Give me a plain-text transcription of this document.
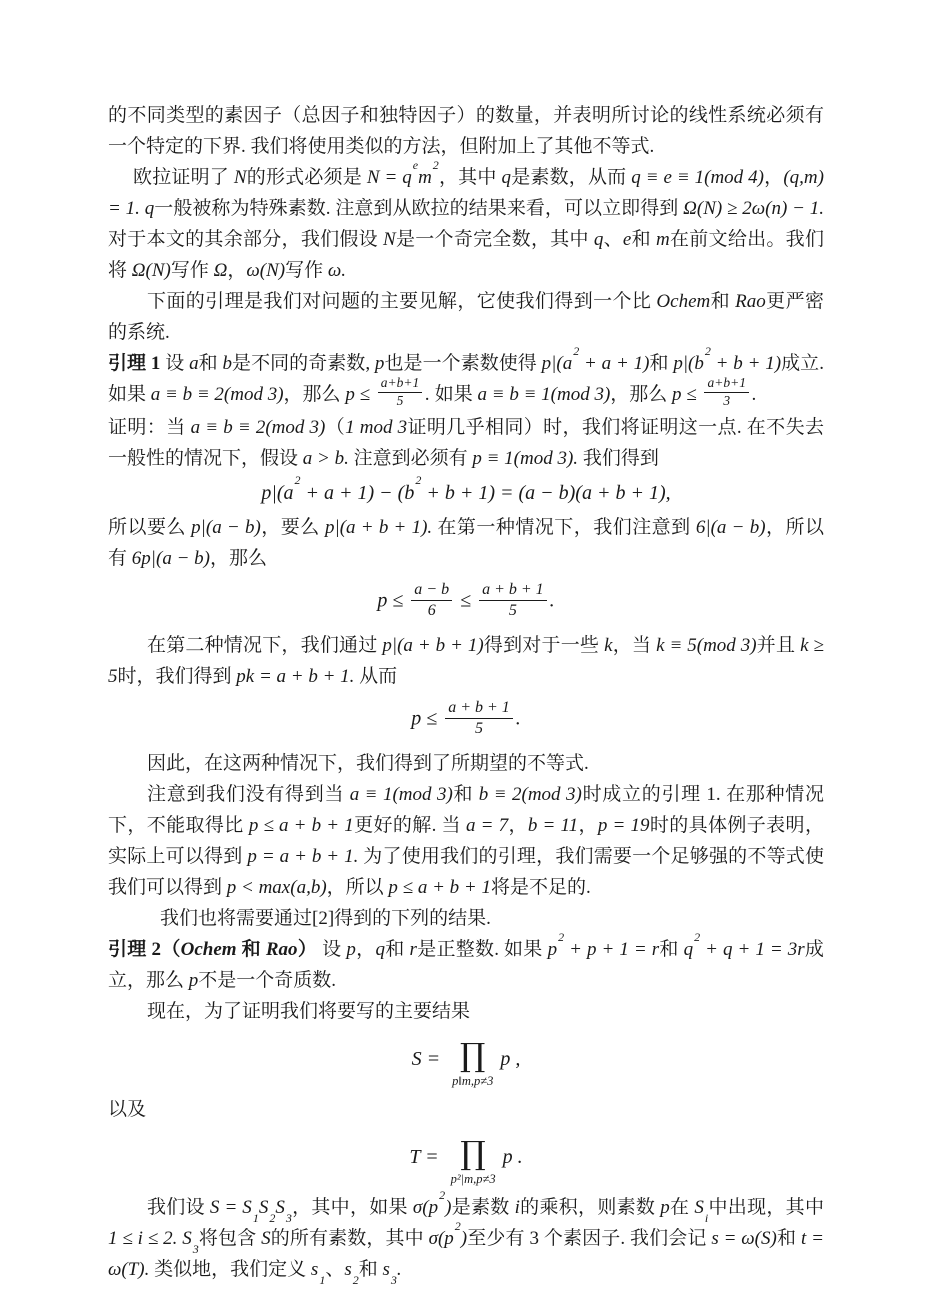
的不同类型的素因子（总因子和独特因子）的数量，并表明所讨论的线性系统必须有一个特定的下界. 我们将使用类似的方法，但附加上了其他不等式.

欧拉证明了 N的形式必须是 $N = q^em^2$，其中 q是素数，从而 q ≡ e ≡ 1(mod 4)，(q,m) = 1. q一般被称为特殊素数. 注意到从欧拉的结果来看，可以立即得到 Ω(N) ≥ 2ω(n) − 1. 对于本文的其余部分，我们假设 N是一个奇完全数，其中 q、e和 m在前文给出。我们将 Ω(N)写作 Ω，ω(N)写作 ω.

下面的引理是我们对问题的主要见解，它使我们得到一个比 Ochem和 Rao更严密的系统.

引理 1 设 a和 b是不同的奇素数, p也是一个素数使得 $p|(a^2 + a + 1)$和 $p|(b^2 + b + 1)$成立. 如果 a ≡ b ≡ 2(mod 3)，那么 $p \le \frac{a+b+1}{5}$ . 如果 a ≡ b ≡ 1(mod 3)，那么 $p \le \frac{a+b+1}{3}$ .

证明：当 a ≡ b ≡ 2(mod 3)（1 mod 3证明几乎相同）时，我们将证明这一点. 在不失去一般性的情况下，假设 a > b. 注意到必须有 p ≡ 1(mod 3). 我们得到

$p|(a^2 + a + 1) - (b^2 + b + 1) = (a - b)(a + b + 1)$,

所以要么 p|(a − b)，要么 p|(a + b + 1). 在第一种情况下，我们注意到 6|(a − b)，所以有 6p|(a − b)，那么

$p \le \frac{a - b}{6} \le \frac{a + b + 1}{5}$ .

在第二种情况下，我们通过 p|(a + b + 1)得到对于一些 k，当 k ≡ 5(mod 3)并且 k ≥ 5时，我们得到 pk = a + b + 1. 从而

$p \le \frac{a + b + 1}{5}$ .

因此，在这两种情况下，我们得到了所期望的不等式.

注意到我们没有得到当 a ≡ 1(mod 3)和 b ≡ 2(mod 3)时成立的引理 1. 在那种情况下，不能取得比 p ≤ a + b + 1更好的解. 当 a = 7，b = 11，p = 19时的具体例子表明，实际上可以得到 p = a + b + 1. 为了使用我们的引理，我们需要一个足够强的不等式使我们可以得到 p < max(a,b)，所以 p ≤ a + b + 1将是不足的.

我们也将需要通过[2]得到的下列的结果.

引理 2（Ochem 和 Rao） 设 p，q和 r是正整数. 如果 $p^2 + p + 1 = r$和 $q^2 + q + 1 = 3r$成立，那么 p不是一个奇质数.

现在，为了证明我们将要写的主要结果

S = ∏
p‖m,p≠3
p ,

以及

T = ∏
p²|m,p≠3
p .

我们设 $S = S_1S_2S_3$，其中，如果 $\sigma(p^2)$是素数 i的乘积，则素数 p在 $S_i$中出现，其中 1 ≤ i ≤ 2. $S_3$将包含 S的所有素数，其中 $\sigma(p^2)$至少有 3 个素因子. 我们会记 s = ω(S)和 t = ω(T). 类似地，我们定义 $s_1$、$s_2$和 $s_3$.
